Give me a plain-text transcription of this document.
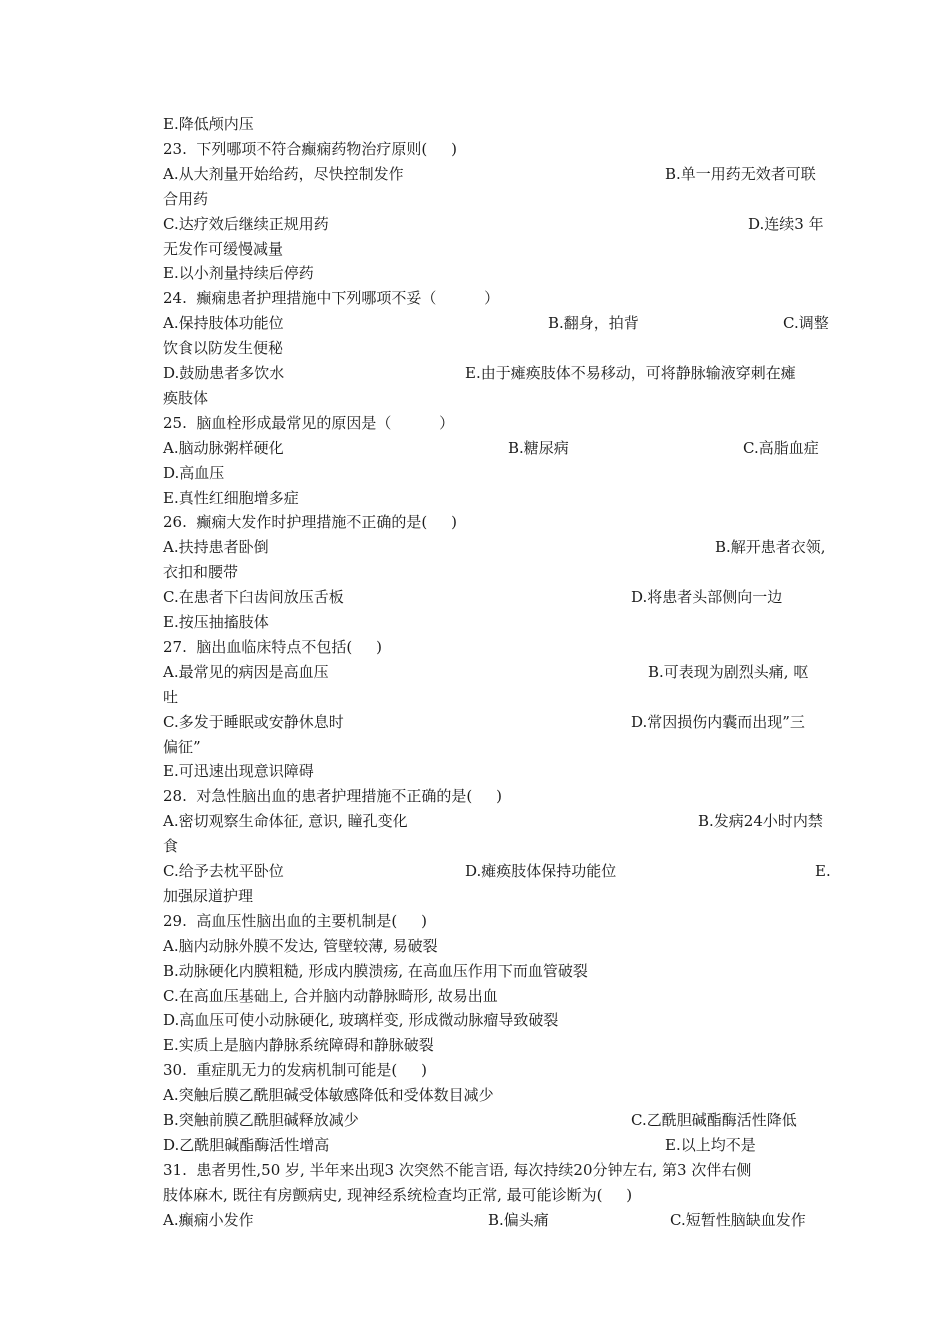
E.降低颅内压
23.  下列哪项不符合癫痫药物治疗原则(     )
A.从大剂量开始给药，尽快控制发作	B.单一用药无效者可联
合用药
C.达疗效后继续正规用药	D.连续3 年
无发作可缓慢减量
E.以小剂量持续后停药
24.  癫痫患者护理措施中下列哪项不妥（          ）
A.保持肢体功能位	B.翻身，拍背	C.调整
饮食以防发生便秘
D.鼓励患者多饮水	E.由于瘫痪肢体不易移动，可将静脉输液穿刺在瘫
痪肢体
25.  脑血栓形成最常见的原因是（          ）
A.脑动脉粥样硬化	B.糖尿病	C.高脂血症
D.高血压
E.真性红细胞增多症
26.  癫痫大发作时护理措施不正确的是(     )
A.扶持患者卧倒	B.解开患者衣领,
衣扣和腰带
C.在患者下臼齿间放压舌板	D.将患者头部侧向一边
E.按压抽搐肢体
27.  脑出血临床特点不包括(     )
A.最常见的病因是高血压	B.可表现为剧烈头痛, 呕
吐
C.多发于睡眠或安静休息时	D.常因损伤内囊而出现”三
偏征”
E.可迅速出现意识障碍
28.  对急性脑出血的患者护理措施不正确的是(     )
A.密切观察生命体征, 意识, 瞳孔变化	B.发病24小时内禁
食
C.给予去枕平卧位	D.瘫痪肢体保持功能位	E.
加强尿道护理
29.  高血压性脑出血的主要机制是(     )
A.脑内动脉外膜不发达, 管壁较薄, 易破裂
B.动脉硬化内膜粗糙, 形成内膜溃疡, 在高血压作用下而血管破裂
C.在高血压基础上, 合并脑内动静脉畸形, 故易出血
D.高血压可使小动脉硬化, 玻璃样变, 形成微动脉瘤导致破裂
E.实质上是脑内静脉系统障碍和静脉破裂
30.  重症肌无力的发病机制可能是(     )
A.突触后膜乙酰胆碱受体敏感降低和受体数目减少
B.突触前膜乙酰胆碱释放减少	C.乙酰胆碱酯酶活性降低
D.乙酰胆碱酯酶活性增高	E.以上均不是
31.  患者男性,50 岁, 半年来出现3 次突然不能言语, 每次持续20分钟左右, 第3 次伴右侧
肢体麻木, 既往有房颤病史, 现神经系统检查均正常, 最可能诊断为(     )
A.癫痫小发作	B.偏头痛	C.短暂性脑缺血发作
